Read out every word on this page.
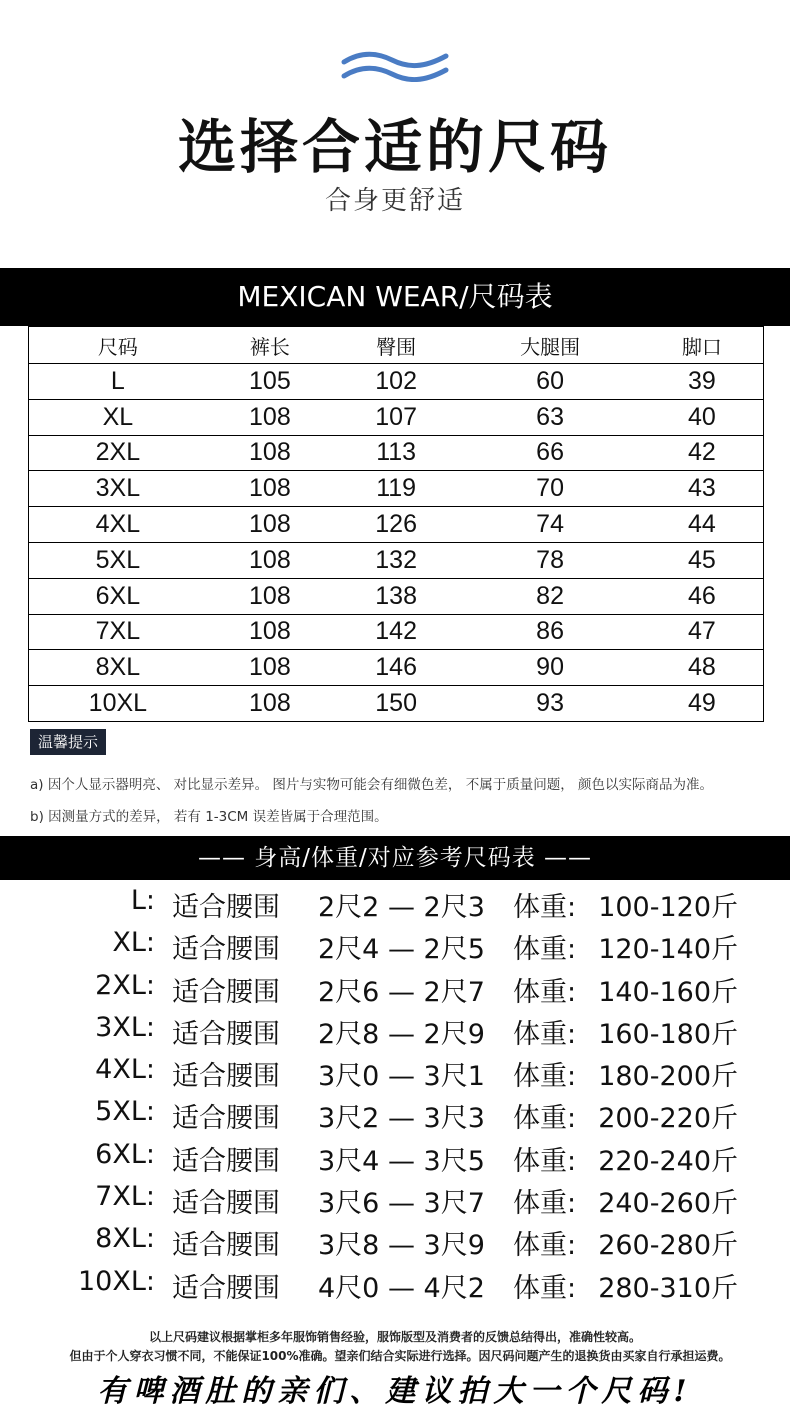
选择合适的尺码
合身更舒适
MEXICAN WEAR/尺码表
尺码	裤长	臀围	大腿围	脚口
L	105	102	60	39
XL	108	107	63	40
2XL	108	113	66	42
3XL	108	119	70	43
4XL	108	126	74	44
5XL	108	132	78	45
6XL	108	138	82	46
7XL	108	142	86	47
8XL	108	146	90	48
10XL	108	150	93	49
温馨提示
a) 因个人显示器明亮、 对比显示差异。 图片与实物可能会有细微色差， 不属于质量问题， 颜色以实际商品为准。
b) 因测量方式的差异， 若有 1-3CM 误差皆属于合理范围。
—— 身高/体重/对应参考尺码表 ——
L: 适合腰围 2尺2 — 2尺3 体重: 100-120斤
XL: 适合腰围 2尺4 — 2尺5 体重: 120-140斤
2XL: 适合腰围 2尺6 — 2尺7 体重: 140-160斤
3XL: 适合腰围 2尺8 — 2尺9 体重: 160-180斤
4XL: 适合腰围 3尺0 — 3尺1 体重: 180-200斤
5XL: 适合腰围 3尺2 — 3尺3 体重: 200-220斤
6XL: 适合腰围 3尺4 — 3尺5 体重: 220-240斤
7XL: 适合腰围 3尺6 — 3尺7 体重: 240-260斤
8XL: 适合腰围 3尺8 — 3尺9 体重: 260-280斤
10XL: 适合腰围 4尺0 — 4尺2 体重: 280-310斤
以上尺码建议根据掌柜多年服饰销售经验，服饰版型及消费者的反馈总结得出，准确性较高。
但由于个人穿衣习惯不同，不能保证100%准确。望亲们结合实际进行选择。因尺码问题产生的退换货由买家自行承担运费。
有啤酒肚的亲们、建议拍大一个尺码!
